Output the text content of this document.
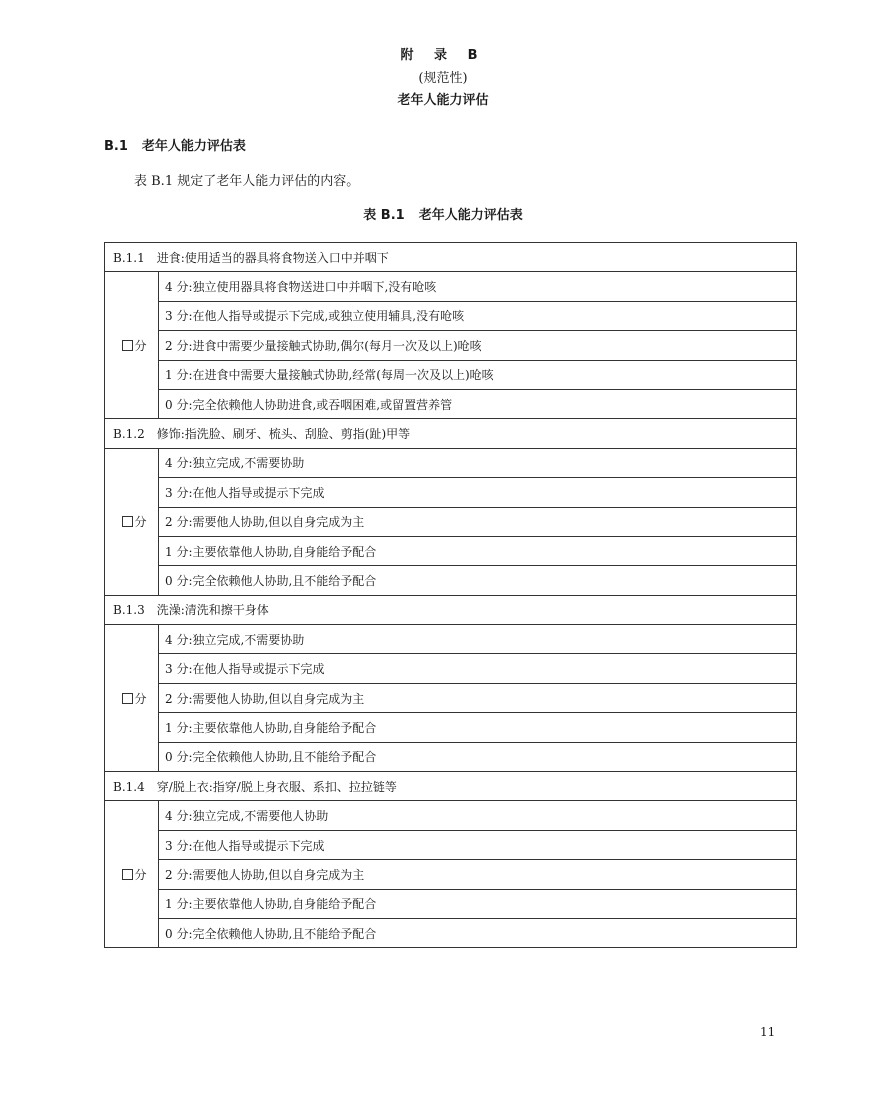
附 录 B
(规范性)
老年人能力评估
B.1 老年人能力评估表

表 B.1 规定了老年人能力评估的内容。

表 B.1 老年人能力评估表
B.1.1 进食:使用适当的器具将食物送入口中并咽下	
分	4 分:独立使用器具将食物送进口中并咽下,没有呛咳
	3 分:在他人指导或提示下完成,或独立使用辅具,没有呛咳
	2 分:进食中需要少量接触式协助,偶尔(每月一次及以上)呛咳
	1 分:在进食中需要大量接触式协助,经常(每周一次及以上)呛咳
	0 分:完全依赖他人协助进食,或吞咽困难,或留置营养管
B.1.2 修饰:指洗脸、刷牙、梳头、刮脸、剪指(趾)甲等	
分	4 分:独立完成,不需要协助
	3 分:在他人指导或提示下完成
	2 分:需要他人协助,但以自身完成为主
	1 分:主要依靠他人协助,自身能给予配合
	0 分:完全依赖他人协助,且不能给予配合
B.1.3 洗澡:清洗和擦干身体	
分	4 分:独立完成,不需要协助
	3 分:在他人指导或提示下完成
	2 分:需要他人协助,但以自身完成为主
	1 分:主要依靠他人协助,自身能给予配合
	0 分:完全依赖他人协助,且不能给予配合
B.1.4 穿/脱上衣:指穿/脱上身衣服、系扣、拉拉链等	
分	4 分:独立完成,不需要他人协助
	3 分:在他人指导或提示下完成
	2 分:需要他人协助,但以自身完成为主
	1 分:主要依靠他人协助,自身能给予配合
	0 分:完全依赖他人协助,且不能给予配合
11
